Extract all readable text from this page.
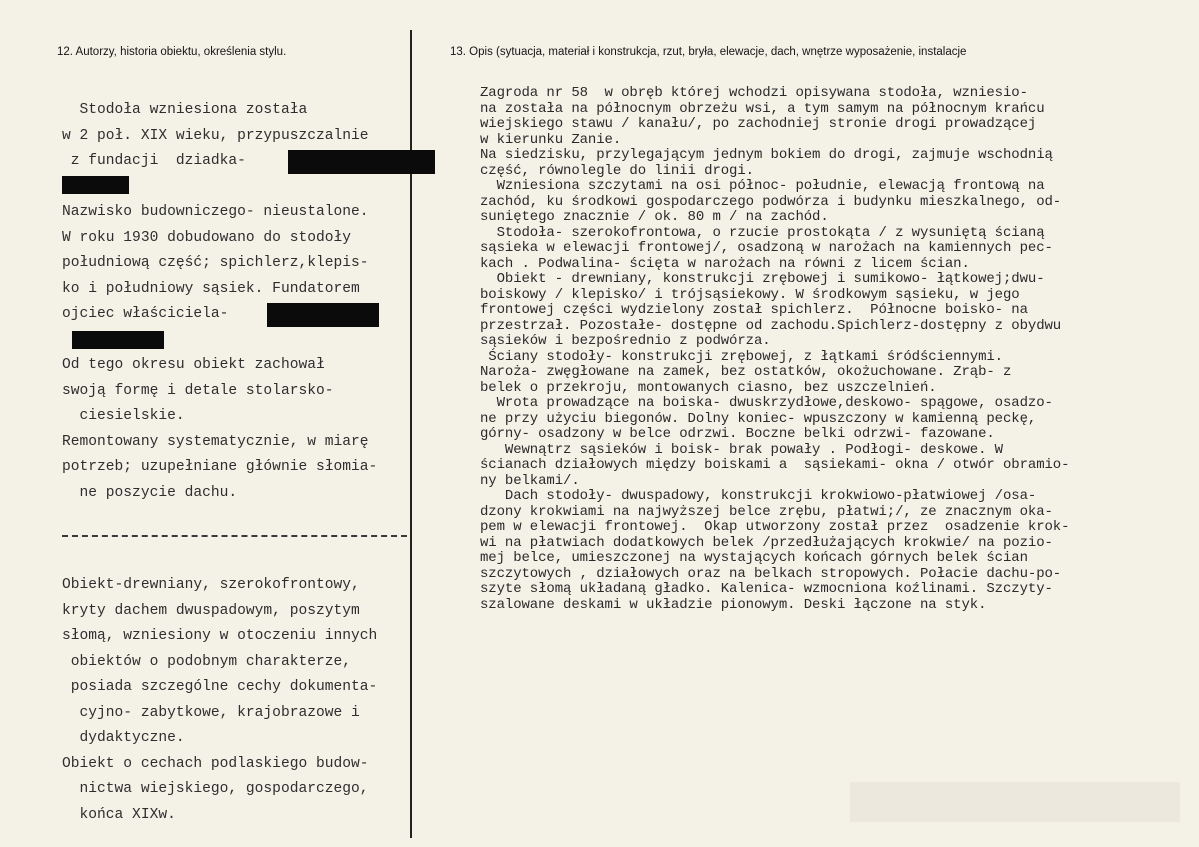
12. Autorzy, historia obiektu, określenia stylu.	13. Opis (sytuacja, materiał i konstrukcja, rzut, bryła, elewacje, dach, wnętrze wyposażenie, instalacje
Stodoła wzniesiona została
w 2 poł. XIX wieku, przypuszczalnie
z fundacji  dziadka-
Nazwisko budowniczego- nieustalone.
W roku 1930 dobudowano do stodoły
południową część; spichlerz,klepis-
ko i południowy sąsiek. Fundatorem
ojciec właściciela-
Od tego okresu obiekt zachował
swoją formę i detale stolarsko-
ciesielskie.
Remontowany systematycznie, w miarę
potrzeb; uzupełniane głównie słomia-
ne poszycie dachu.
Obiekt-drewniany, szerokofrontowy,
kryty dachem dwuspadowym, poszytym
słomą, wzniesiony w otoczeniu innych
obiektów o podobnym charakterze,
posiada szczególne cechy dokumenta-
cyjno- zabytkowe, krajobrazowe i
dydaktyczne.
Obiekt o cechach podlaskiego budow-
nictwa wiejskiego, gospodarczego,
końca XIXw.
Zagroda nr 58  w obręb której wchodzi opisywana stodoła, wzniesio-
na została na północnym obrzeżu wsi, a tym samym na północnym krańcu
wiejskiego stawu / kanału/, po zachodniej stronie drogi prowadzącej
w kierunku Zanie.
Na siedzisku, przylegającym jednym bokiem do drogi, zajmuje wschodnią
część, równolegle do linii drogi.
Wzniesiona szczytami na osi północ- południe, elewacją frontową na
zachód, ku środkowi gospodarczego podwórza i budynku mieszkalnego, od-
suniętego znacznie / ok. 80 m / na zachód.
Stodoła- szerokofrontowa, o rzucie prostokąta / z wysuniętą ścianą
sąsieka w elewacji frontowej/, osadzoną w narożach na kamiennych pec-
kach . Podwalina- ścięta w narożach na równi z licem ścian.
Obiekt - drewniany, konstrukcji zrębowej i sumikowo- łątkowej;dwu-
boiskowy / klepisko/ i trójsąsiekowy. W środkowym sąsieku, w jego
frontowej części wydzielony został spichlerz.  Północne boisko- na
przestrzał. Pozostałe- dostępne od zachodu.Spichlerz-dostępny z obydwu
sąsieków i bezpośrednio z podwórza.
Ściany stodoły- konstrukcji zrębowej, z łątkami śródściennymi.
Naroża- zwęgłowane na zamek, bez ostatków, okożuchowane. Zrąb- z
belek o przekroju, montowanych ciasno, bez uszczelnień.
Wrota prowadzące na boiska- dwuskrzydłowe,deskowo- spągowe, osadzo-
ne przy użyciu biegonów. Dolny koniec- wpuszczony w kamienną peckę,
górny- osadzony w belce odrzwi. Boczne belki odrzwi- fazowane.
Wewnątrz sąsieków i boisk- brak powały . Podłogi- deskowe. W
ścianach działowych między boiskami a  sąsiekami- okna / otwór obramio-
ny belkami/.
Dach stodoły- dwuspadowy, konstrukcji krokwiowo-płatwiowej /osa-
dzony krokwiami na najwyższej belce zrębu, płatwi;/, ze znacznym oka-
pem w elewacji frontowej.  Okap utworzony został przez  osadzenie krok-
wi na płatwiach dodatkowych belek /przedłużających krokwie/ na pozio-
mej belce, umieszczonej na wystających końcach górnych belek ścian
szczytowych , działowych oraz na belkach stropowych. Połacie dachu-po-
szyte słomą układaną gładko. Kalenica- wzmocniona koźlinami. Szczyty-
szalowane deskami w układzie pionowym. Deski łączone na styk.
